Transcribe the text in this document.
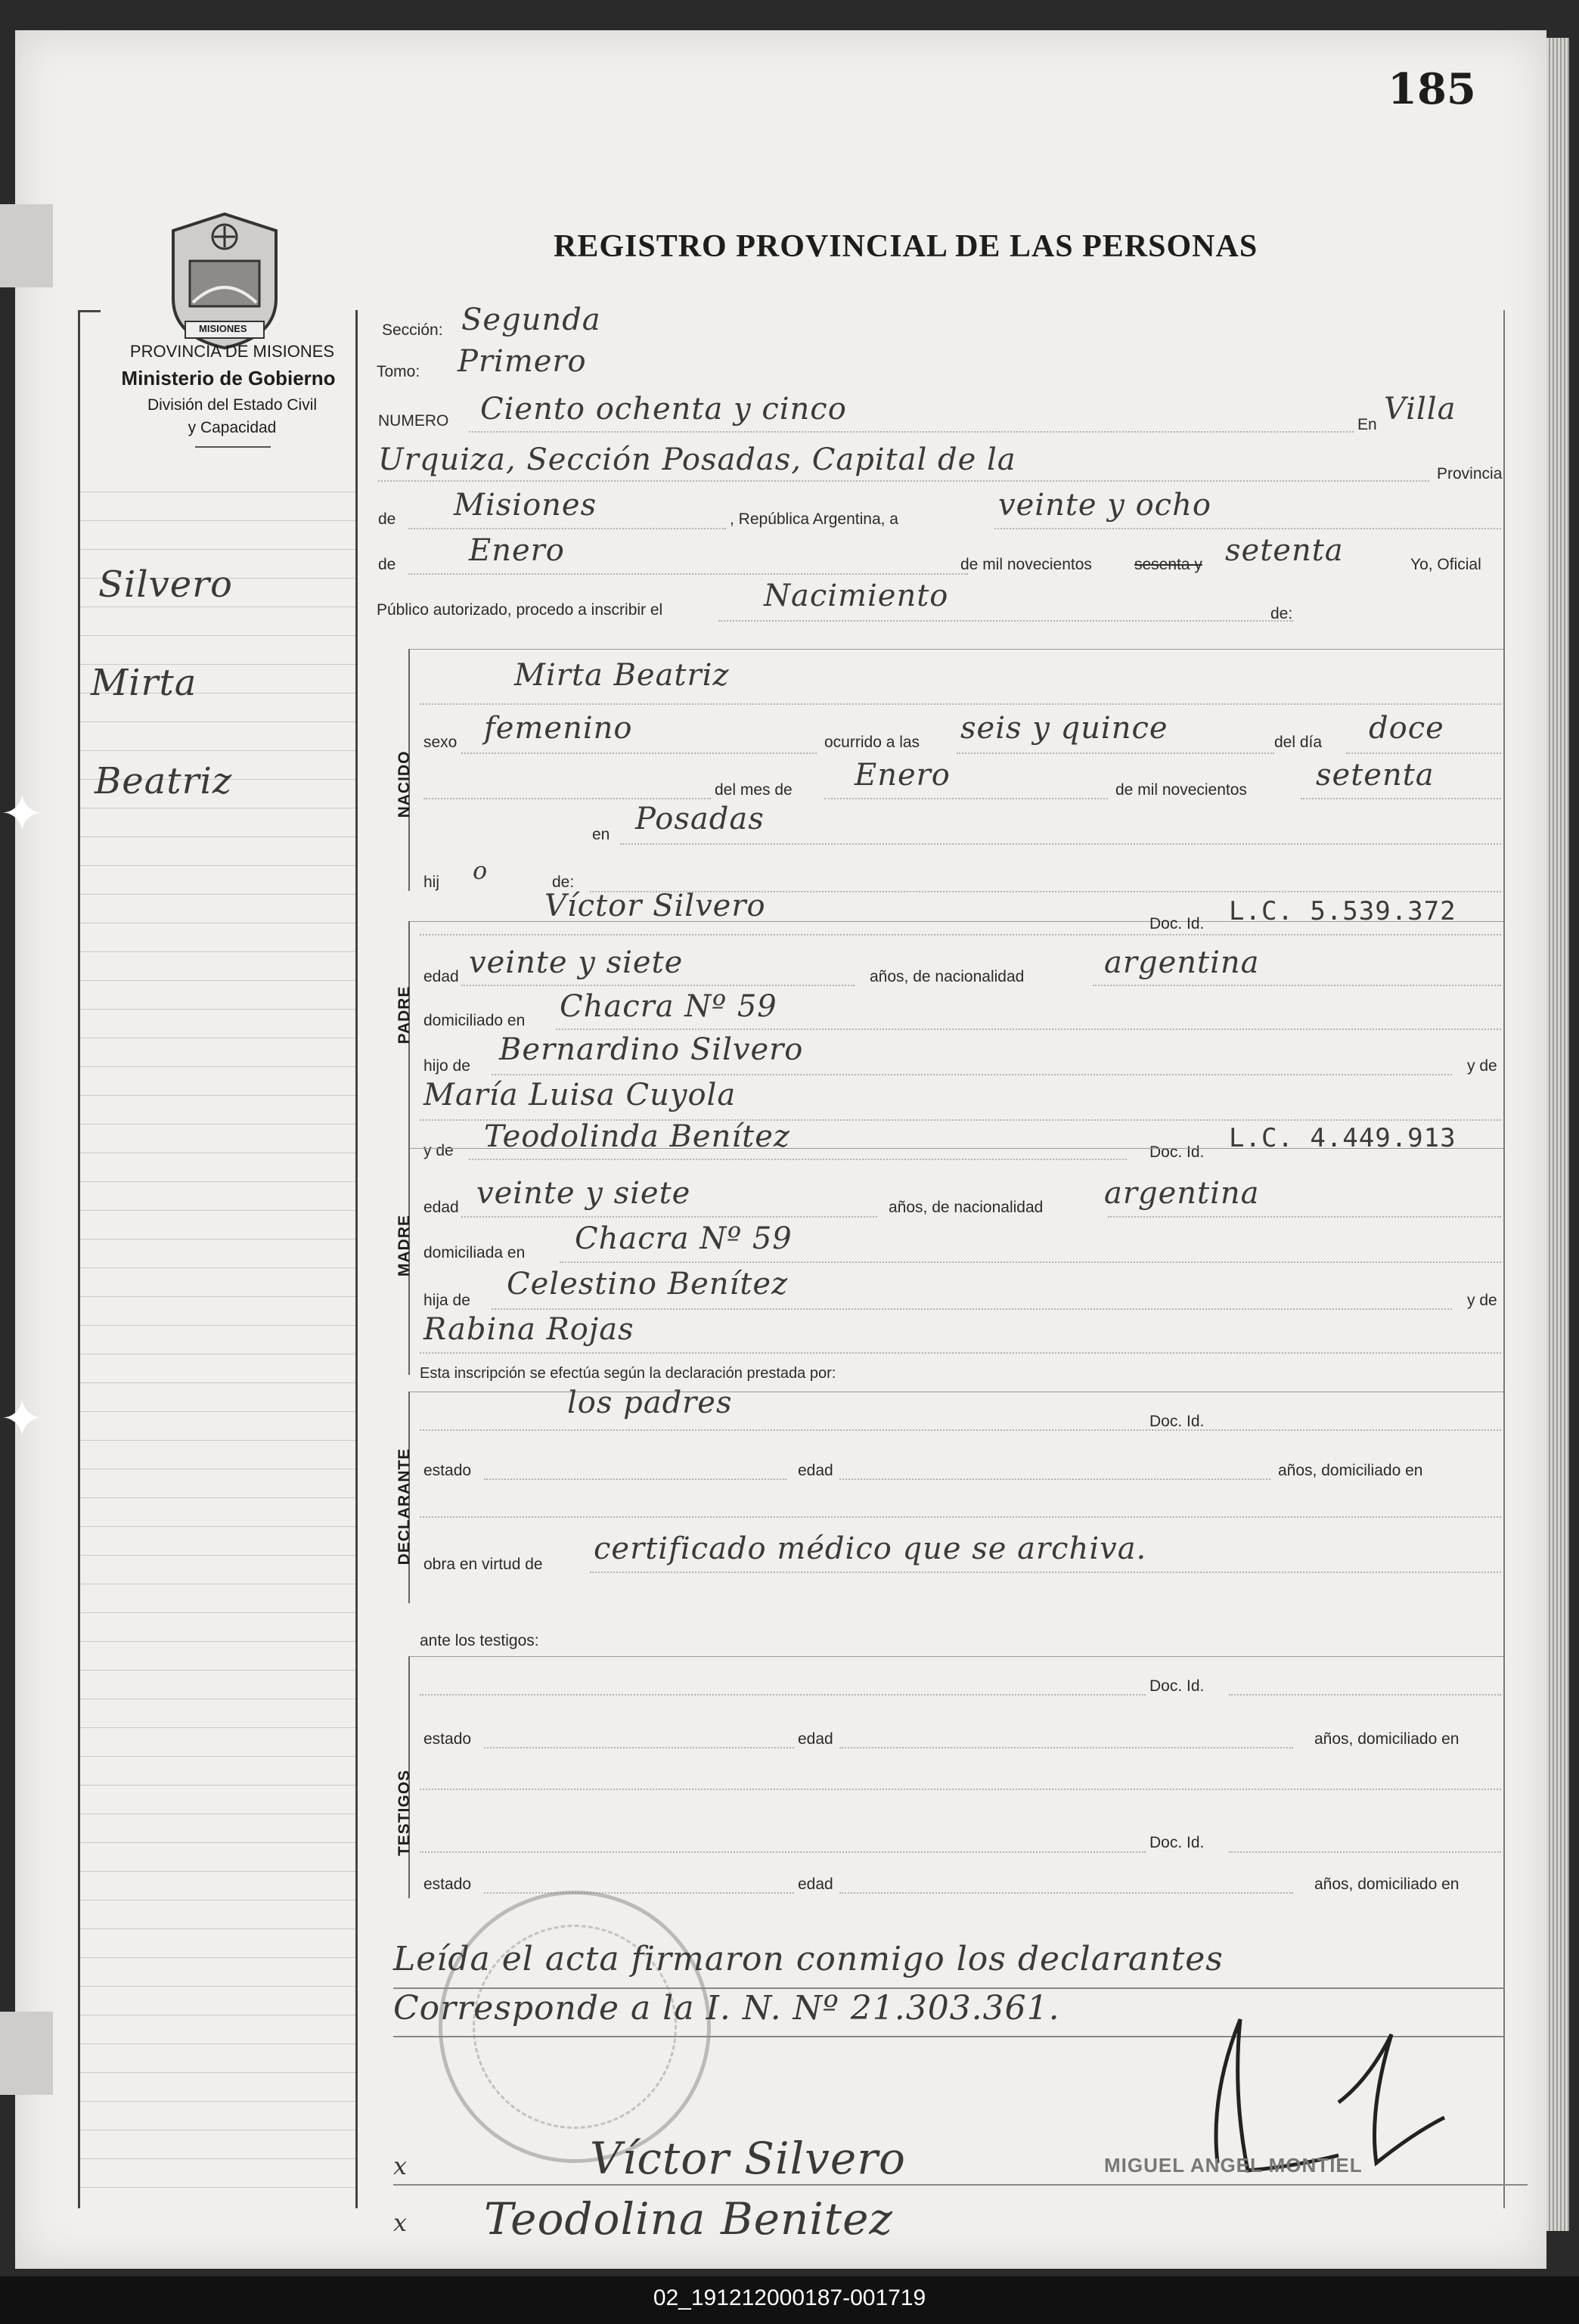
185
MISIONES
REGISTRO PROVINCIAL DE LAS PERSONAS
PROVINCIA DE MISIONES
Ministerio de Gobierno
División del Estado Civil
y Capacidad
Silvero
Mirta
Beatriz
Sección: Segunda
Tomo: Primero
NUMERO Ciento ochenta y cinco	En Villa
Urquiza, Sección Posadas, Capital de la	Provincia
de Misiones	, República Argentina, a	veinte y ocho
de Enero	de mil novecientos	sesenta y setenta	Yo, Oficial
Público autorizado, procedo a inscribir el	Nacimiento
de:
NACIDO
Mirta Beatriz
sexo femenino	ocurrido a las seis y quince	del día doce
del mes de Enero	de mil novecientos setenta
en Posadas
hij o	de:
PADRE
Víctor Silvero
Doc. Id. L.C. 5.539.372
edad veinte y siete	años, de nacionalidad	argentina
domiciliado en Chacra Nº 59
hijo de Bernardino Silvero	y de
María Luisa Cuyola
y de Teodolinda Benítez	Doc. Id. L.C. 4.449.913
MADRE
edad veinte y siete	años, de nacionalidad argentina
domiciliada en Chacra Nº 59
hija de Celestino Benítez	y de
Rabina Rojas
Esta inscripción se efectúa según la declaración prestada por:
DECLARANTE
los padres
Doc. Id.
estado	edad	años, domiciliado en
obra en virtud de certificado médico que se archiva.
ante los testigos:
TESTIGOS
Doc. Id.
estado	edad	años, domiciliado en
Doc. Id.
estado	edad	años, domiciliado en
Leída el acta firmaron conmigo los declarantes
Corresponde a la I. N. Nº 21.303.361.
MIGUEL ANGEL MONTIEL
x	Víctor Silvero
x Teodolina Benitez
✦
✦
02_191212000187-001719
